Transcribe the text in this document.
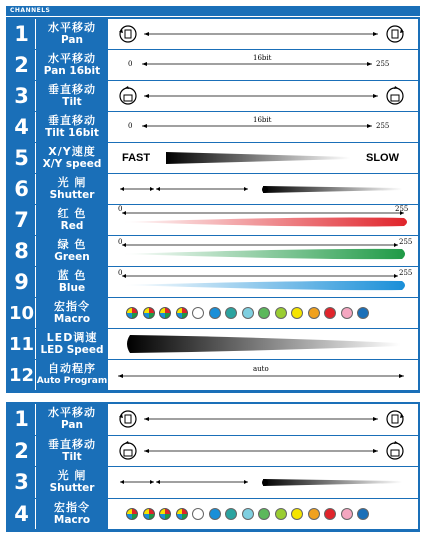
CHANNELS
1	水平移动
Pan
2	水平移动
Pan 16bit
0
16bit
255
3	垂直移动
Tilt
4	垂直移动
Tilt 16bit
0
16bit
255
5	X/Y速度
X/Y speed FAST	SLOW
6	光 闸
Shutter
7	红 色
Red
0	255
8	绿 色
Green
0	255
9	蓝 色
Blue
0	255
10 宏指令
Macro
11 LED调速
LED Speed
12 自动程序
Auto Program
auto
1	水平移动
Pan
2	垂直移动
Tilt
3	光 闸
Shutter
4	宏指令
Macro
